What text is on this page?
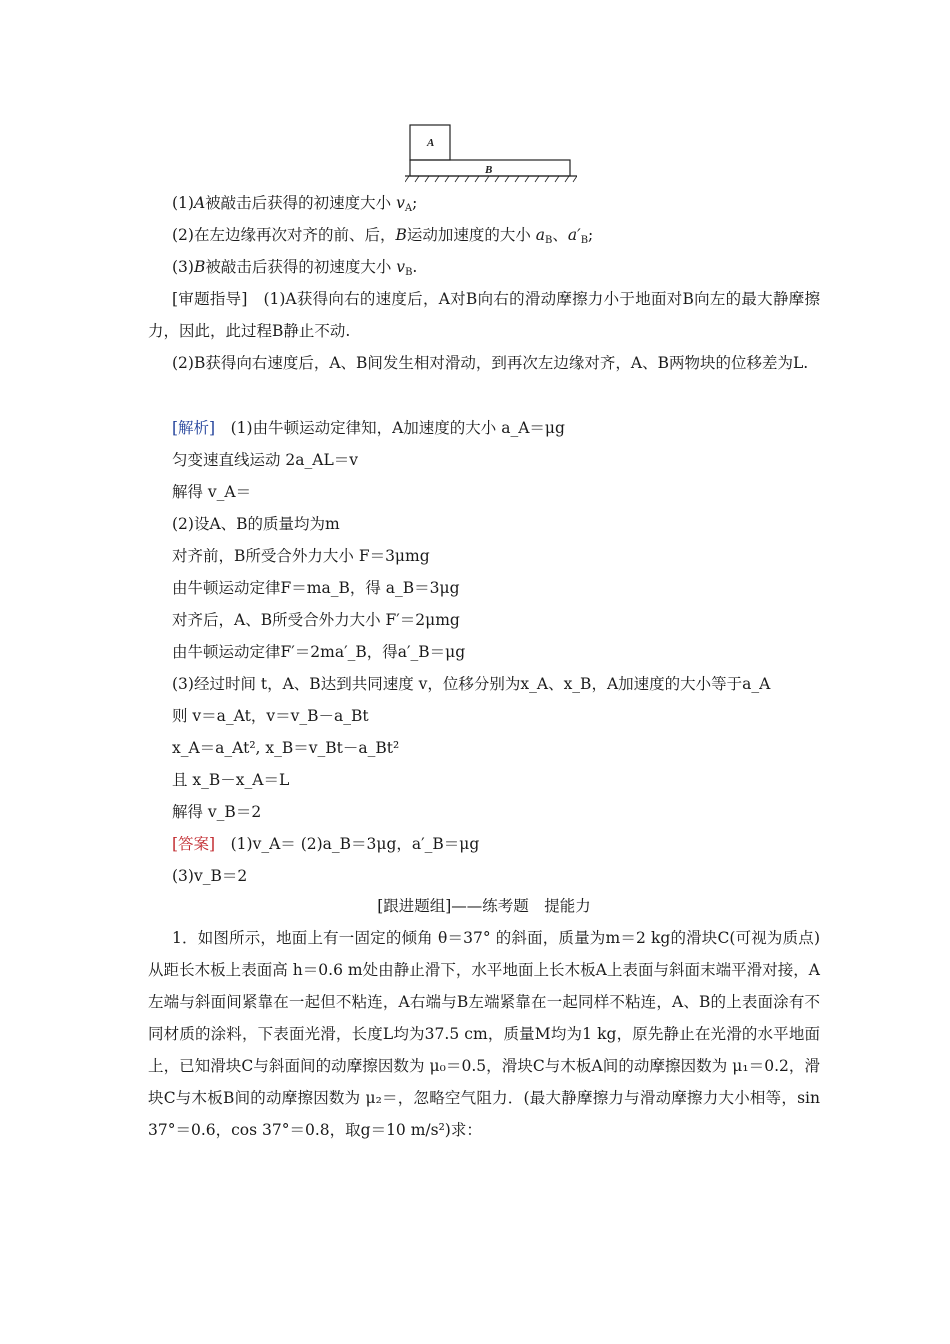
A
B
(1)A被敲击后获得的初速度大小 $v_A$;
(2)在左边缘再次对齐的前、后，B运动加速度的大小 $a_B$、$a'_B$;
(3)B被敲击后获得的初速度大小 $v_B$.
[审题指导]　 (1)A获得向右的速度后，A对B向右的滑动摩擦力小于地面对B向左的最大静摩擦力，因此，此过程B静止不动.
(2)B获得向右速度后，A、B间发生相对滑动，到再次左边缘对齐，A、B两物块的位移差为L.
[解析]　 (1)由牛顿运动定律知，A加速度的大小 a_A＝μg
匀变速直线运动 2a_AL＝v
解得 v_A＝
(2)设A、B的质量均为m
对齐前，B所受合外力大小 F＝3μmg
由牛顿运动定律F＝ma_B，得 a_B＝3μg
对齐后，A、B所受合外力大小 F′＝2μmg
由牛顿运动定律F′＝2ma′_B，得a′_B＝μg
(3)经过时间 t，A、B达到共同速度 v，位移分别为x_A、x_B，A加速度的大小等于a_A
则 v＝a_At，v＝v_B－a_Bt
x_A＝a_At², x_B＝v_Bt－a_Bt²
且 x_B－x_A＝L
解得 v_B＝2
[答案]　 (1)v_A＝ (2)a_B＝3μg，a′_B＝μg
(3)v_B＝2
[跟进题组]——练考题　提能力
1．如图所示，地面上有一固定的倾角 θ＝37° 的斜面，质量为m＝2 kg的滑块C(可视为质点)从距长木板上表面高 h＝0.6 m处由静止滑下，水平地面上长木板A上表面与斜面末端平滑对接，A左端与斜面间紧靠在一起但不粘连，A右端与B左端紧靠在一起同样不粘连，A、B的上表面涂有不同材质的涂料，下表面光滑，长度L均为37.5 cm，质量M均为1 kg，原先静止在光滑的水平地面上，已知滑块C与斜面间的动摩擦因数为 μ₀＝0.5，滑块C与木板A间的动摩擦因数为 μ₁＝0.2，滑块C与木板B间的动摩擦因数为 μ₂＝，忽略空气阻力．(最大静摩擦力与滑动摩擦力大小相等，sin 37°＝0.6，cos 37°＝0.8，取g＝10 m/s²)求：
